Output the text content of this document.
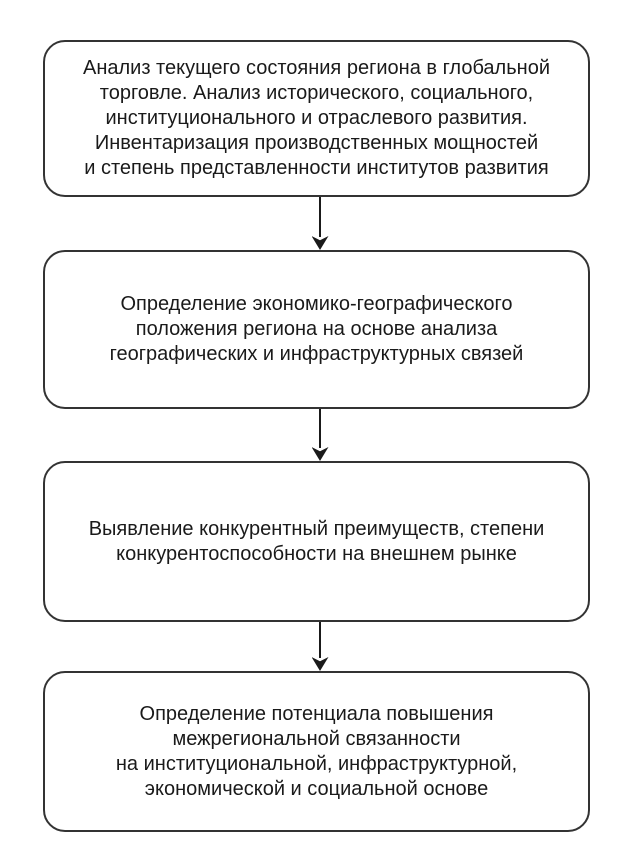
Анализ текущего состояния региона в глобальной
торговле. Анализ исторического, социального,
институционального и отраслевого развития.
Инвентаризация производственных мощностей
и степень представленности институтов развития
Определение экономико-географического
положения региона на основе анализа
географических и инфраструктурных связей
Выявление конкурентный преимуществ, степени
конкурентоспособности на внешнем рынке
Определение потенциала повышения
межрегиональной связанности
на институциональной, инфраструктурной,
экономической и социальной основе
